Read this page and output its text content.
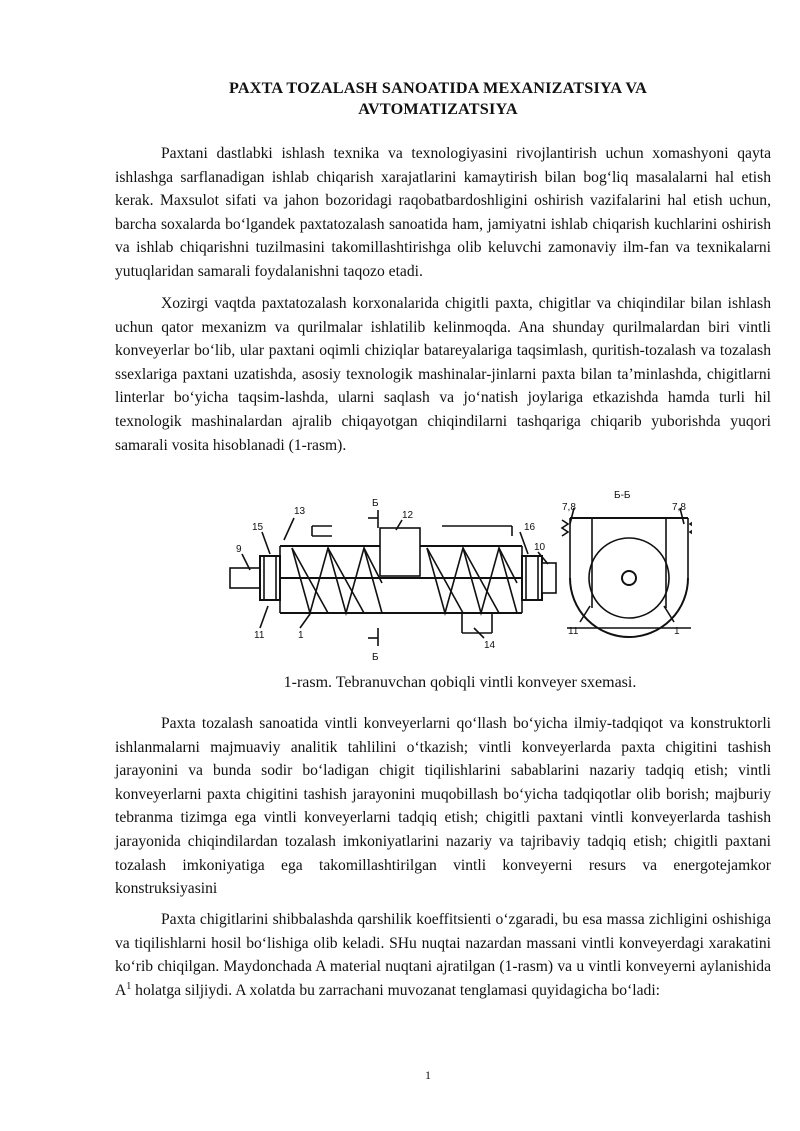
PAXTA TOZALASH SANOATIDA MEXANIZATSIYA VA
AVTOMATIZATSIYA

Paxtani dastlabki ishlash texnika va texnologiyasini rivojlantirish uchun xomashyoni qayta ishlashga sarflanadigan ishlab chiqarish xarajatlarini kamaytirish bilan bog‘liq masalalarni hal etish kerak. Maxsulot sifati va jahon bozoridagi raqobatbardoshligini oshirish vazifalarini hal etish uchun, barcha soxalarda bo‘lgandek paxtatozalash sanoatida ham, jamiyatni ishlab chiqarish kuchlarini oshirish va ishlab chiqarishni tuzilmasini takomillashtirishga olib keluvchi zamonaviy ilm-fan va texnikalarni yutuqlaridan samarali foydalanishni taqozo etadi.

Xozirgi vaqtda paxtatozalash korxonalarida chigitli paxta, chigitlar va chiqindilar bilan ishlash uchun qator mexanizm va qurilmalar ishlatilib kelinmoqda. Ana shunday qurilmalardan biri vintli konveyerlar bo‘lib, ular paxtani oqimli chiziqlar batareyalariga taqsimlash, quritish-tozalash va tozalash ssexlariga paxtani uzatishda, asosiy texnologik mashinalar-jinlarni paxta bilan ta’minlashda, chigitlarni linterlar bo‘yicha taqsim-lashda, ularni saqlash va jo‘natish joylariga etkazishda hamda turli hil texnologik mashinalardan ajralib chiqayotgan chiqindilarni tashqariga chiqarib yuborishda yuqori samarali vosita hisoblanadi (1-rasm).

13
15
9
11	1
Б
12
16
10
Б
14
Б-Б
7,8	7,8
11	1
1-rasm. Tebranuvchan qobiqli vintli konveyer sxemasi.

Paxta tozalash sanoatida vintli konveyerlarni qo‘llash bo‘yicha ilmiy-tadqiqot va konstruktorli ishlanmalarni majmuaviy analitik tahlilini o‘tkazish; vintli konveyerlarda paxta chigitini tashish jarayonini va bunda sodir bo‘ladigan chigit tiqilishlarini sabablarini nazariy tadqiq etish; vintli konveyerlarni paxta chigitini tashish jarayonini muqobillash bo‘yicha tadqiqotlar olib borish; majburiy tebranma tizimga ega vintli konveyerlarni tadqiq etish; chigitli paxtani vintli konveyerlarda tashish jarayonida chiqindilardan tozalash imkoniyatlarini nazariy va tajribaviy tadqiq etish; chigitli paxtani tozalash imkoniyatiga ega takomillashtirilgan vintli konveyerni resurs va energotejamkor konstruksiyasini

Paxta chigitlarini shibbalashda qarshilik koeffitsienti o‘zgaradi, bu esa massa zichligini oshishiga va tiqilishlarni hosil bo‘lishiga olib keladi. SHu nuqtai nazardan massani vintli konveyerdagi xarakatini ko‘rib chiqilgan. Maydonchada A material nuqtani ajratilgan (1-rasm) va u vintli konveyerni aylanishida $A^1$ holatga siljiydi. A xolatda bu zarrachani muvozanat tenglamasi quyidagicha bo‘ladi:

1
